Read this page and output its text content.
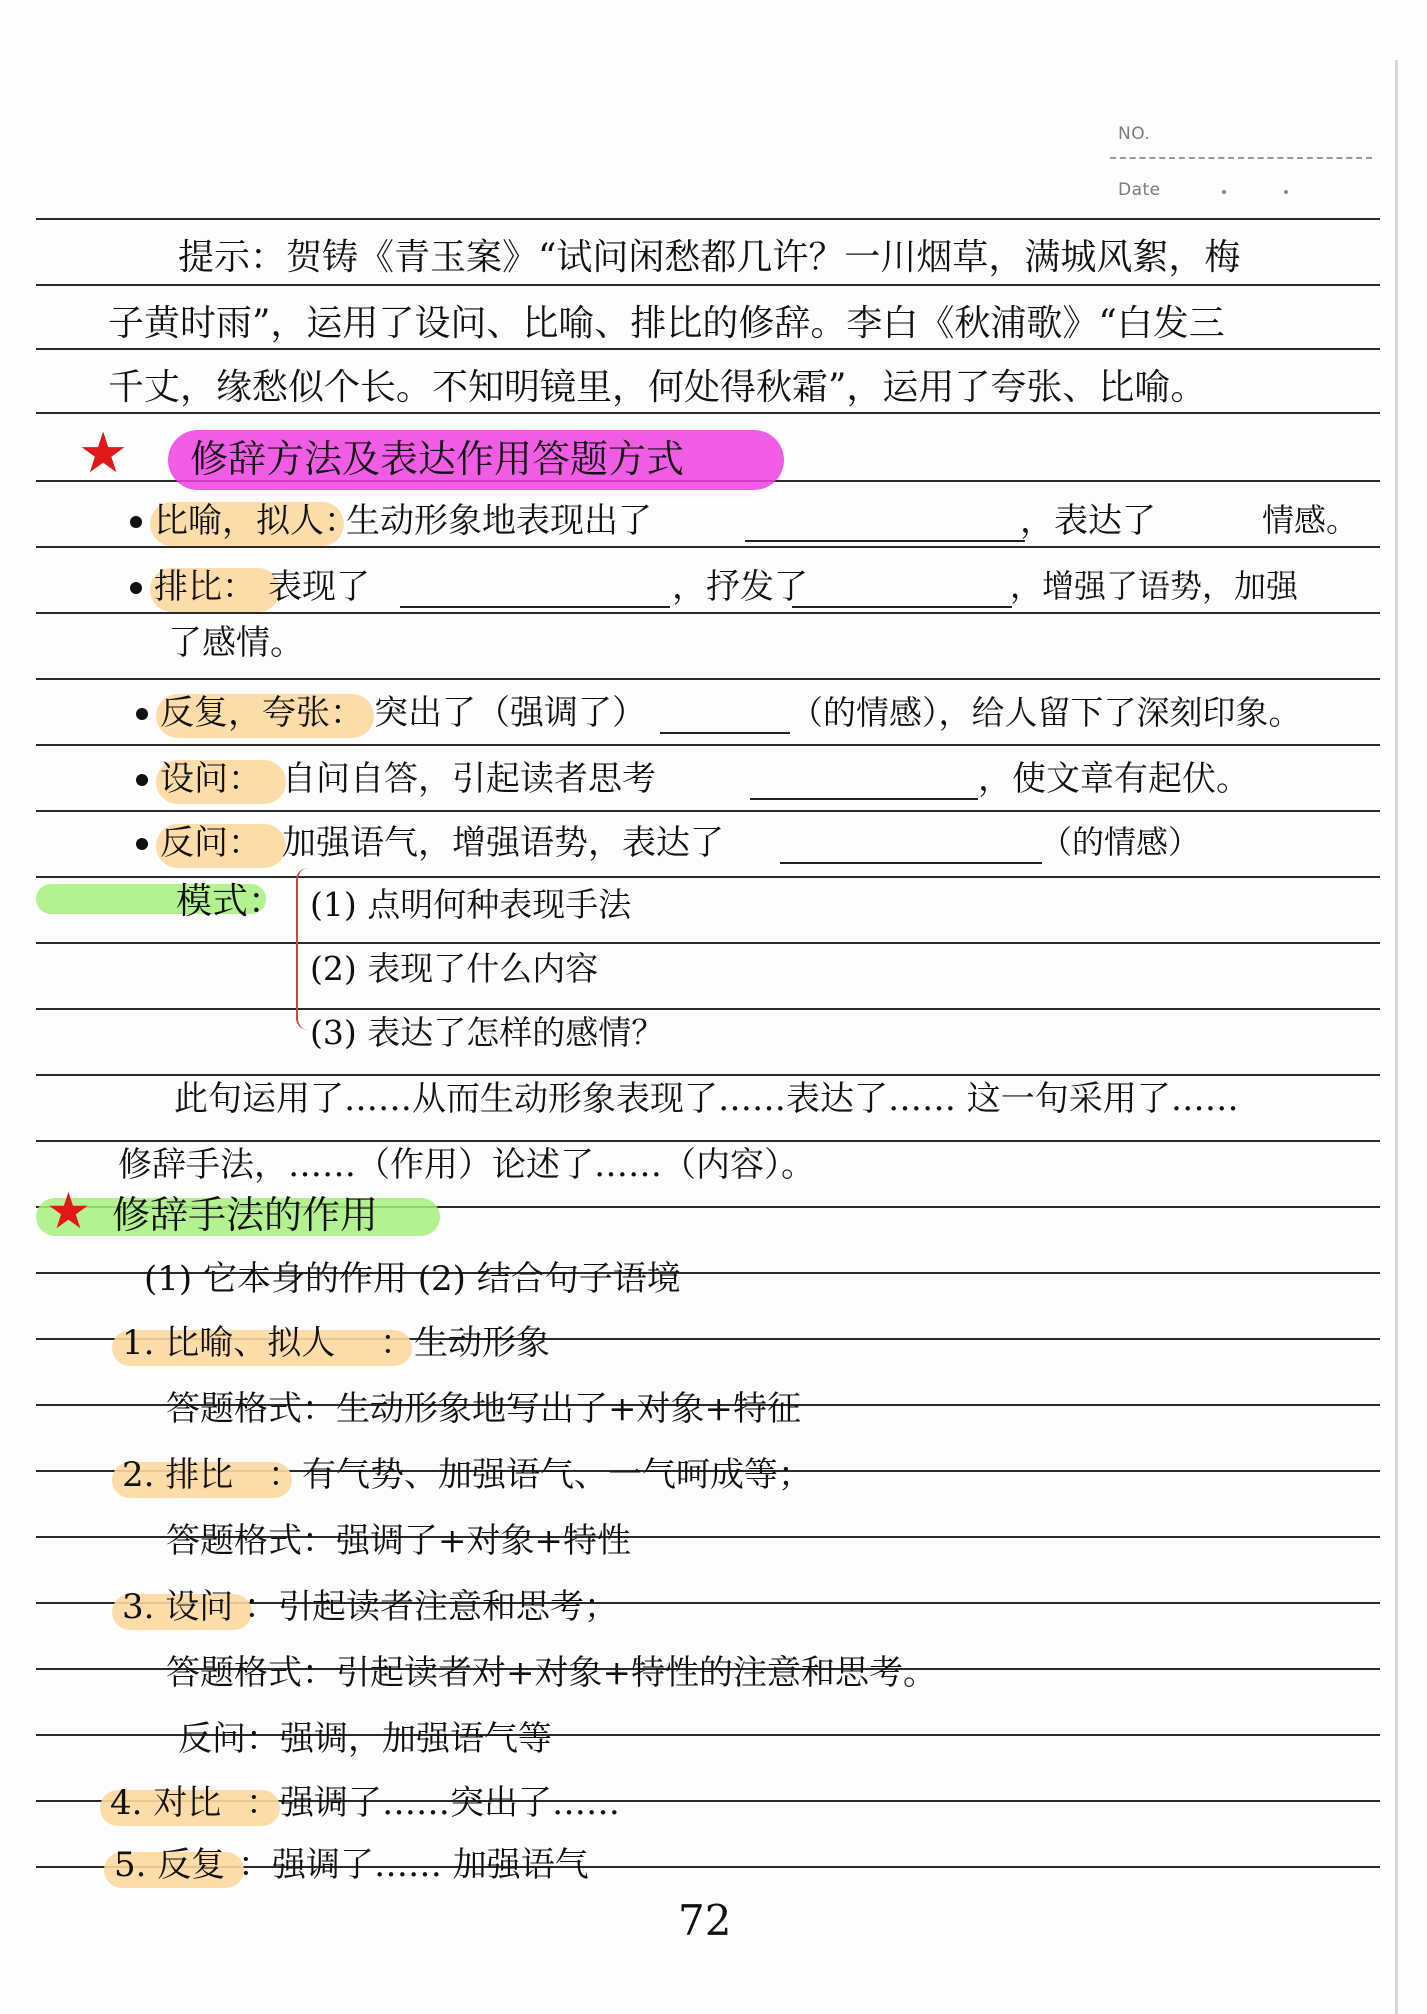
NO.
Date
提示：贺铸《青玉案》“试问闲愁都几许？一川烟草，满城风絮，梅
子黄时雨”，运用了设问、比喻、排比的修辞。李白《秋浦歌》“白发三
千丈，缘愁似个长。不知明镜里，何处得秋霜”，运用了夸张、比喻。
★ 修辞方法及表达作用答题方式
比喻，拟人：
生动形象地表现出了	，表达了	情感。
排比： 表现了	，抒发了	，增强了语势，加强
了感情。
反复，夸张： 突出了（强调了）	（的情感），给人留下了深刻印象。
设问： 自问自答，引起读者思考	，使文章有起伏。
反问： 加强语气，增强语势，表达了	（的情感）
模式： (1) 点明何种表现手法
(2) 表现了什么内容
(3) 表达了怎样的感情？
此句运用了……从而生动形象表现了……表达了…… 这一句采用了……
修辞手法，……（作用）论述了……（内容）。
★ 修辞手法的作用
(1) 它本身的作用 (2) 结合句子语境
1. 比喻、拟人 ：生动形象
答题格式：生动形象地写出了+对象+特征
2. 排比 ：有气势、加强语气、一气呵成等；
答题格式：强调了+对象+特性
3. 设问 ：引起读者注意和思考；
答题格式：引起读者对+对象+特性的注意和思考。
反问：强调，加强语气等
4. 对比 ：强调了……突出了……
5. 反复 ：强调了…… 加强语气
72
